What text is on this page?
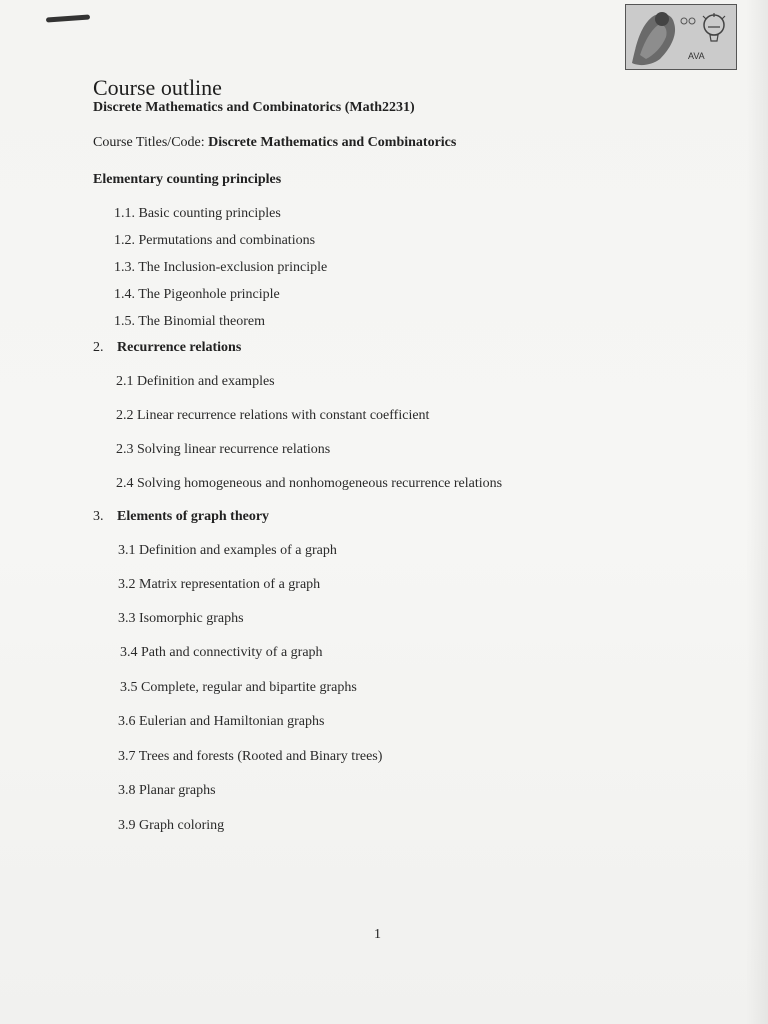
AVA
Course outline
Discrete Mathematics and Combinatorics (Math2231)
Course Titles/Code: Discrete Mathematics and Combinatorics
Elementary counting principles
1.1. Basic counting principles
1.2. Permutations and combinations
1.3. The Inclusion-exclusion principle
1.4. The Pigeonhole principle
1.5. The Binomial theorem
2. Recurrence relations
2.1 Definition and examples
2.2 Linear recurrence relations with constant coefficient
2.3 Solving linear recurrence relations
2.4 Solving homogeneous and nonhomogeneous recurrence relations
3. Elements of graph theory
3.1 Definition and examples of a graph
3.2 Matrix representation of a graph
3.3 Isomorphic graphs
3.4 Path and connectivity of a graph
3.5 Complete, regular and bipartite graphs
3.6 Eulerian and Hamiltonian graphs
3.7 Trees and forests (Rooted and Binary trees)
3.8 Planar graphs
3.9 Graph coloring
1
